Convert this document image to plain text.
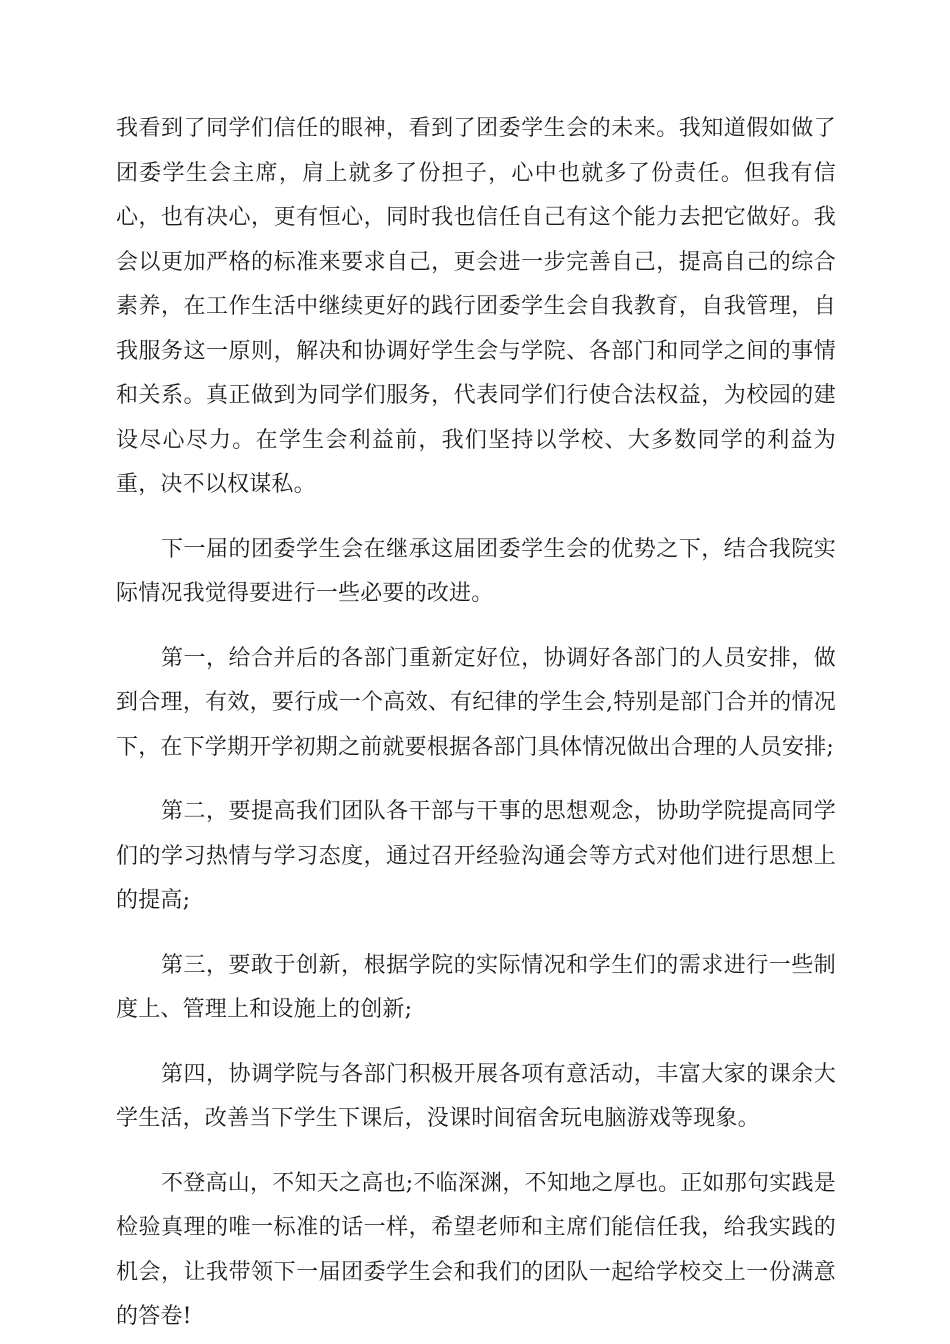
我看到了同学们信任的眼神，看到了团委学生会的未来。我知道假如做了团委学生会主席，肩上就多了份担子，心中也就多了份责任。但我有信心，也有决心，更有恒心，同时我也信任自己有这个能力去把它做好。我会以更加严格的标准来要求自己，更会进一步完善自己，提高自己的综合素养，在工作生活中继续更好的践行团委学生会自我教育，自我管理，自我服务这一原则，解决和协调好学生会与学院、各部门和同学之间的事情和关系。真正做到为同学们服务，代表同学们行使合法权益，为校园的建设尽心尽力。在学生会利益前，我们坚持以学校、大多数同学的利益为重，决不以权谋私。

下一届的团委学生会在继承这届团委学生会的优势之下，结合我院实际情况我觉得要进行一些必要的改进。

第一，给合并后的各部门重新定好位，协调好各部门的人员安排，做到合理，有效，要行成一个高效、有纪律的学生会,特别是部门合并的情况下，在下学期开学初期之前就要根据各部门具体情况做出合理的人员安排;

第二，要提高我们团队各干部与干事的思想观念，协助学院提高同学们的学习热情与学习态度，通过召开经验沟通会等方式对他们进行思想上的提高;

第三，要敢于创新，根据学院的实际情况和学生们的需求进行一些制度上、管理上和设施上的创新;

第四，协调学院与各部门积极开展各项有意活动，丰富大家的课余大学生活，改善当下学生下课后，没课时间宿舍玩电脑游戏等现象。

不登高山，不知天之高也;不临深渊，不知地之厚也。正如那句实践是检验真理的唯一标准的话一样，希望老师和主席们能信任我，给我实践的机会，让我带领下一届团委学生会和我们的团队一起给学校交上一份满意的答卷!
